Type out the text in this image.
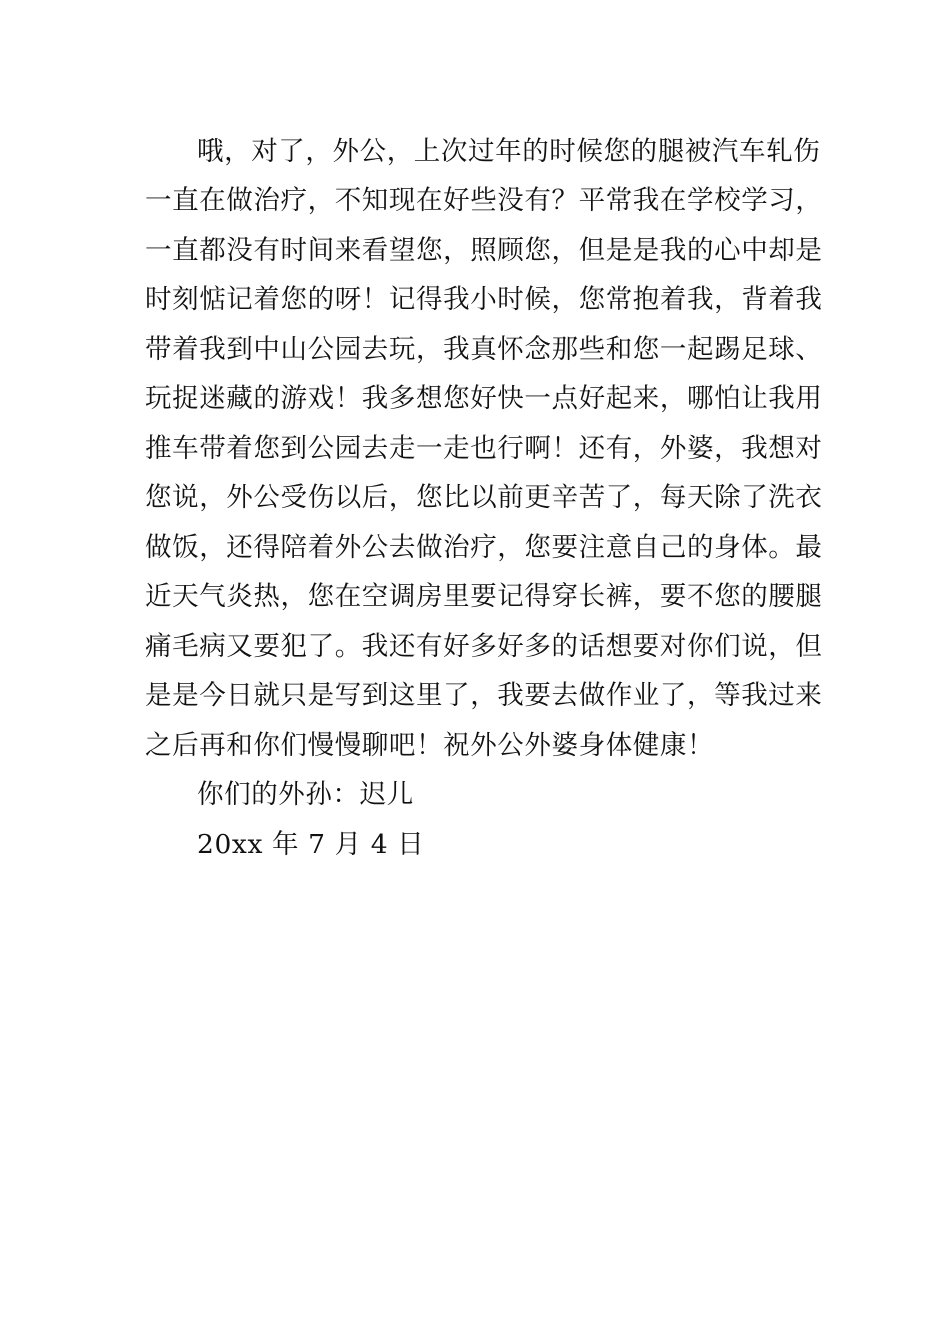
哦，对了，外公，上次过年的时候您的腿被汽车轧伤
一直在做治疗，不知现在好些没有？平常我在学校学习，
一直都没有时间来看望您，照顾您，但是是我的心中却是
时刻惦记着您的呀！记得我小时候，您常抱着我，背着我
带着我到中山公园去玩，我真怀念那些和您一起踢足球、
玩捉迷藏的游戏！我多想您好快一点好起来，哪怕让我用
推车带着您到公园去走一走也行啊！还有，外婆，我想对
您说，外公受伤以后，您比以前更辛苦了，每天除了洗衣
做饭，还得陪着外公去做治疗，您要注意自己的身体。最
近天气炎热，您在空调房里要记得穿长裤，要不您的腰腿
痛毛病又要犯了。我还有好多好多的话想要对你们说，但
是是今日就只是写到这里了，我要去做作业了，等我过来
之后再和你们慢慢聊吧！祝外公外婆身体健康！
你们的外孙：迟儿
20xx 年 7 月 4 日
